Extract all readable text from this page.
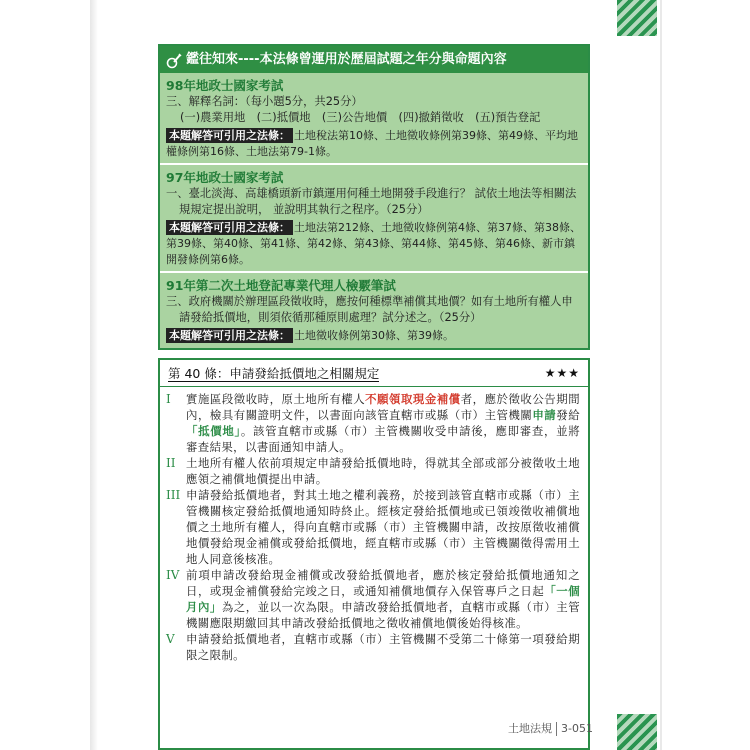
鑑往知來----本法條曾運用於歷屆試題之年分與命題內容
98年地政士國家考試
三、解釋名詞：（每小題5分，共25分）
(一)農業用地　(二)抵價地　(三)公告地價　(四)撤銷徵收　(五)預告登記
本題解答可引用之法條： 土地稅法第10條、土地徵收條例第39條、第49條、平均地權條例第16條、土地法第79-1條。
97年地政士國家考試
一、臺北淡海、高雄橋頭新市鎮運用何種土地開發手段進行？ 試依土地法等相關法規規定提出說明， 並說明其執行之程序。（25分）
本題解答可引用之法條： 土地法第212條、土地徵收條例第4條、第37條、第38條、第39條、第40條、第41條、第42條、第43條、第44條、第45條、第46條、新市鎮開發條例第6條。
91年第二次土地登記專業代理人檢覈筆試
三、政府機關於辦理區段徵收時，應按何種標準補償其地價？如有土地所有權人申請發給抵價地，則須依循那種原則處理？試分述之。（25分）
本題解答可引用之法條： 土地徵收條例第30條、第39條。
第 40 條：申請發給抵價地之相關規定	★★★
I	實施區段徵收時，原土地所有權人不願領取現金補償者，應於徵收公告期間內，檢具有關證明文件，以書面向該管直轄市或縣（市）主管機關申請發給「抵價地」。該管直轄市或縣（市）主管機關收受申請後，應即審查，並將審查結果，以書面通知申請人。
II 土地所有權人依前項規定申請發給抵價地時，得就其全部或部分被徵收土地應領之補償地價提出申請。
III 申請發給抵價地者，對其土地之權利義務，於接到該管直轄市或縣（市）主管機關核定發給抵價地通知時終止。經核定發給抵價地或已領竣徵收補償地價之土地所有權人，得向直轄市或縣（市）主管機關申請，改按原徵收補償地價發給現金補償或發給抵價地，經直轄市或縣（市）主管機關徵得需用土地人同意後核准。
IV 前項申請改發給現金補償或改發給抵價地者，應於核定發給抵價地通知之日，或現金補償發給完竣之日，或通知補償地價存入保管專戶之日起「一個月內」為之，並以一次為限。申請改發給抵價地者，直轄市或縣（市）主管機關應限期繳回其申請改發給抵價地之徵收補償地價後始得核准。
V 申請發給抵價地者，直轄市或縣（市）主管機關不受第二十條第一項發給期限之限制。
土地法規 3-051
